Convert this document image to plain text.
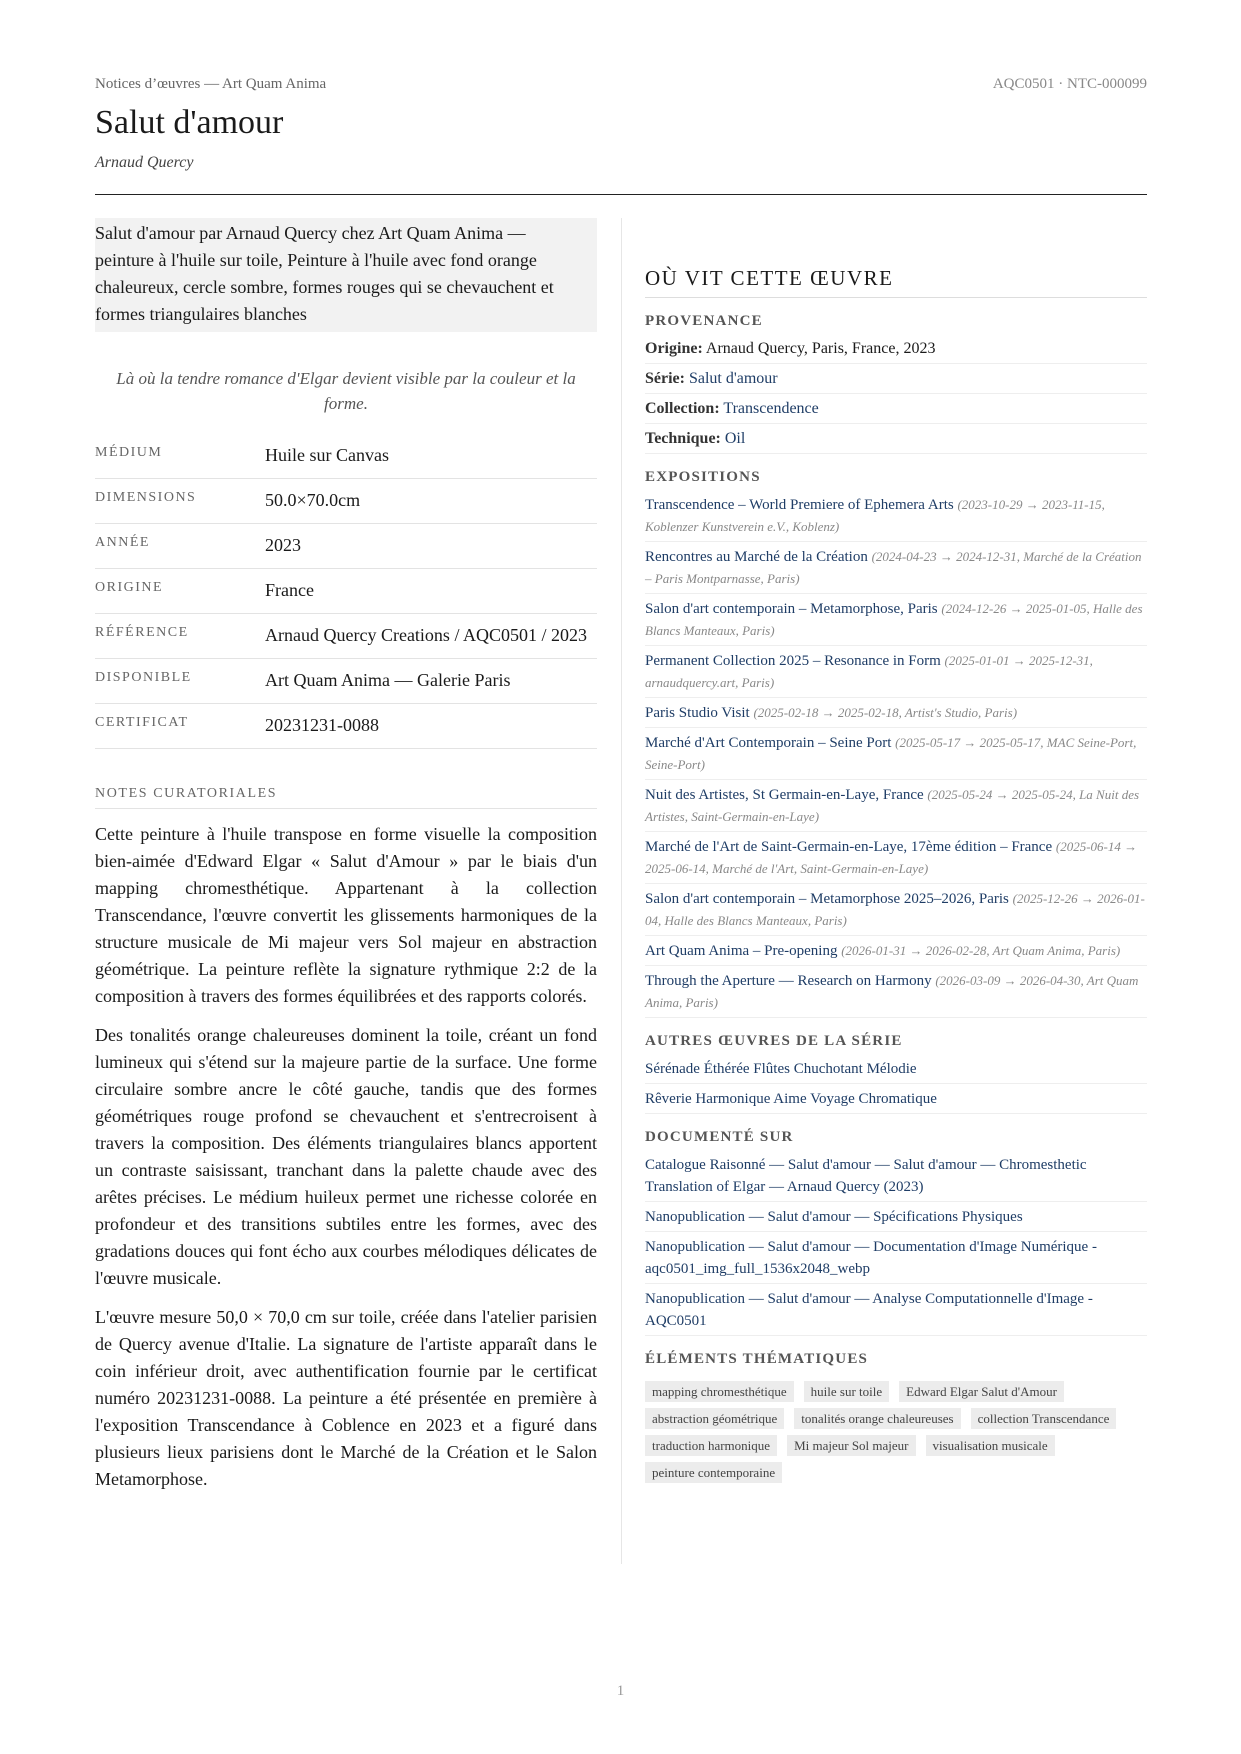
Notices d’œuvres — Art Quam Anima	AQC0501 · NTC-000099
Salut d'amour
Arnaud Quercy

Salut d'amour par Arnaud Quercy chez Art Quam Anima — peinture à l'huile sur toile, Peinture à l'huile avec fond orange chaleureux, cercle sombre, formes rouges qui se chevauchent et formes triangulaires blanches

Là où la tendre romance d'Elgar devient visible par la couleur et la forme.

MÉDIUM	Huile sur Canvas
DIMENSIONS	50.0×70.0cm
ANNÉE	2023
ORIGINE	France
RÉFÉRENCE	Arnaud Quercy Creations / AQC0501 / 2023
DISPONIBLE	Art Quam Anima — Galerie Paris
CERTIFICAT	20231231-0088
NOTES CURATORIALES

Cette peinture à l'huile transpose en forme visuelle la composition bien-aimée d'Edward Elgar « Salut d'Amour » par le biais d'un mapping chromesthétique. Appartenant à la collection Transcendance, l'œuvre convertit les glissements harmoniques de la structure musicale de Mi majeur vers Sol majeur en abstraction géométrique. La peinture reflète la signature rythmique 2:2 de la composition à travers des formes équilibrées et des rapports colorés.

Des tonalités orange chaleureuses dominent la toile, créant un fond lumineux qui s'étend sur la majeure partie de la surface. Une forme circulaire sombre ancre le côté gauche, tandis que des formes géométriques rouge profond se chevauchent et s'entrecroisent à travers la composition. Des éléments triangulaires blancs apportent un contraste saisissant, tranchant dans la palette chaude avec des arêtes précises. Le médium huileux permet une richesse colorée en profondeur et des transitions subtiles entre les formes, avec des gradations douces qui font écho aux courbes mélodiques délicates de l'œuvre musicale.

L'œuvre mesure 50,0 × 70,0 cm sur toile, créée dans l'atelier parisien de Quercy avenue d'Italie. La signature de l'artiste apparaît dans le coin inférieur droit, avec authentification fournie par le certificat numéro 20231231-0088. La peinture a été présentée en première à l'exposition Transcendance à Coblence en 2023 et a figuré dans plusieurs lieux parisiens dont le Marché de la Création et le Salon Metamorphose.

OÙ VIT CETTE ŒUVRE
PROVENANCE
Origine: Arnaud Quercy, Paris, France, 2023
Série: Salut d'amour
Collection: Transcendence
Technique: Oil
EXPOSITIONS
Transcendence – World Premiere of Ephemera Arts (2023-10-29 → 2023-11-15, Koblenzer Kunstverein e.V., Koblenz)
Rencontres au Marché de la Création (2024-04-23 → 2024-12-31, Marché de la Création – Paris Montparnasse, Paris)
Salon d'art contemporain – Metamorphose, Paris (2024-12-26 → 2025-01-05, Halle des Blancs Manteaux, Paris)
Permanent Collection 2025 – Resonance in Form (2025-01-01 → 2025-12-31, arnaudquercy.art, Paris)
Paris Studio Visit (2025-02-18 → 2025-02-18, Artist's Studio, Paris)
Marché d'Art Contemporain – Seine Port (2025-05-17 → 2025-05-17, MAC Seine-Port, Seine-Port)
Nuit des Artistes, St Germain-en-Laye, France (2025-05-24 → 2025-05-24, La Nuit des Artistes, Saint-Germain-en-Laye)
Marché de l'Art de Saint-Germain-en-Laye, 17ème édition – France (2025-06-14 → 2025-06-14, Marché de l'Art, Saint-Germain-en-Laye)
Salon d'art contemporain – Metamorphose 2025–2026, Paris (2025-12-26 → 2026-01-04, Halle des Blancs Manteaux, Paris)
Art Quam Anima – Pre-opening (2026-01-31 → 2026-02-28, Art Quam Anima, Paris)
Through the Aperture — Research on Harmony (2026-03-09 → 2026-04-30, Art Quam Anima, Paris)
AUTRES ŒUVRES DE LA SÉRIE
Sérénade Éthérée Flûtes Chuchotant Mélodie
Rêverie Harmonique Aime Voyage Chromatique
DOCUMENTÉ SUR
Catalogue Raisonné — Salut d'amour — Salut d'amour — Chromesthetic Translation of Elgar — Arnaud Quercy (2023)
Nanopublication — Salut d'amour — Spécifications Physiques
Nanopublication — Salut d'amour — Documentation d'Image Numérique - aqc0501_img_full_1536x2048_webp
Nanopublication — Salut d'amour — Analyse Computationnelle d'Image - AQC0501
ÉLÉMENTS THÉMATIQUES
mapping chromesthétique huile sur toile Edward Elgar Salut d'Amour abstraction géométrique tonalités orange chaleureuses collection Transcendance traduction harmonique Mi majeur Sol majeur visualisation musicale peinture contemporaine
1
